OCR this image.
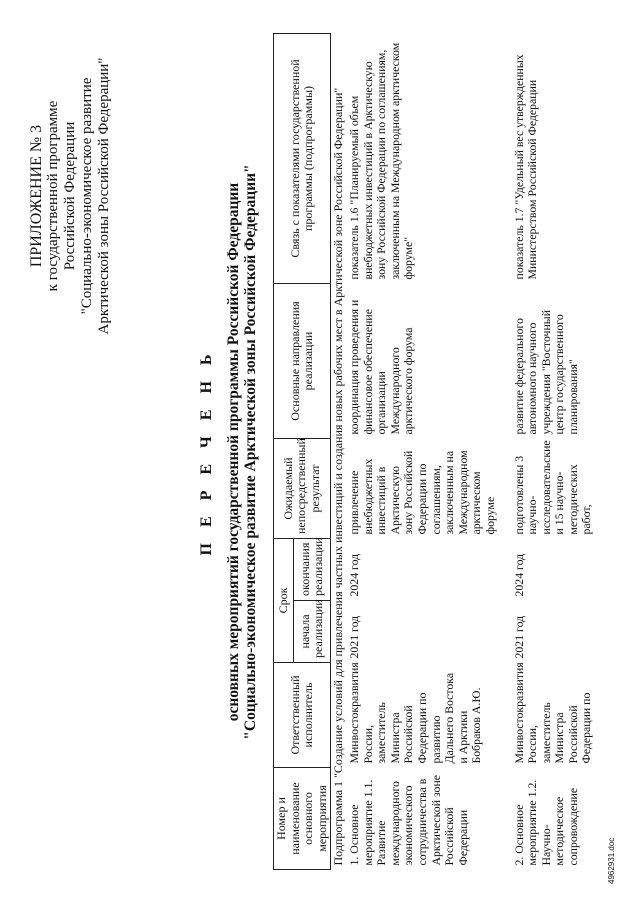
ПРИЛОЖЕНИЕ № 3 к государственной программе Российской Федерации "Социально-экономическое развитие Арктической зоны Российской Федерации"
П Е Р Е Ч Е Н Ь основных мероприятий государственной программы Российской Федерации "Социально-экономическое развитие Арктической зоны Российской Федерации"
Номер и наименование основного мероприятия	Ответственный исполнитель	Срок		Ожидаемый непосредственный результат	Основные направления реализации	Связь с показателями государственной программы (подпрограммы)
		начала реализации	окончания реализации			
Подпрограмма 1 "Создание условий для привлечения частных инвестиций и создания новых рабочих мест в Арктической зоне Российской Федерации"						
1. Основное мероприятие 1.1. Развитие международного экономического сотрудничества в Арктической зоне Российской Федерации	Минвостокразвития России, заместитель Министра Российской Федерации по развитию Дальнего Востока и Арктики Бобраков А.Ю.	2021 год	2024 год	привлечение внебюджетных инвестиций в Арктическую зону Российской Федерации по соглашениям, заключенным на Международном арктическом форуме	координация проведения и финансовое обеспечение организации Международного арктического форума	показатель 1.6 "Планируемый объем внебюджетных инвестиций в Арктическую зону Российской Федерации по соглашениям, заключенным на Международном арктическом форуме"
2. Основное мероприятие 1.2. Научно-методическое сопровождение	Минвостокразвития России, заместитель Министра Российской Федерации по	2021 год	2024 год	подготовлены 3 научно-исследовательские и 15 научно-методических работ,	развитие федерального автономного научного учреждения "Восточный центр государственного планирования"	показатель 1.7 "Удельный вес утвержденных Министерством Российской Федерации
4962931.doc
